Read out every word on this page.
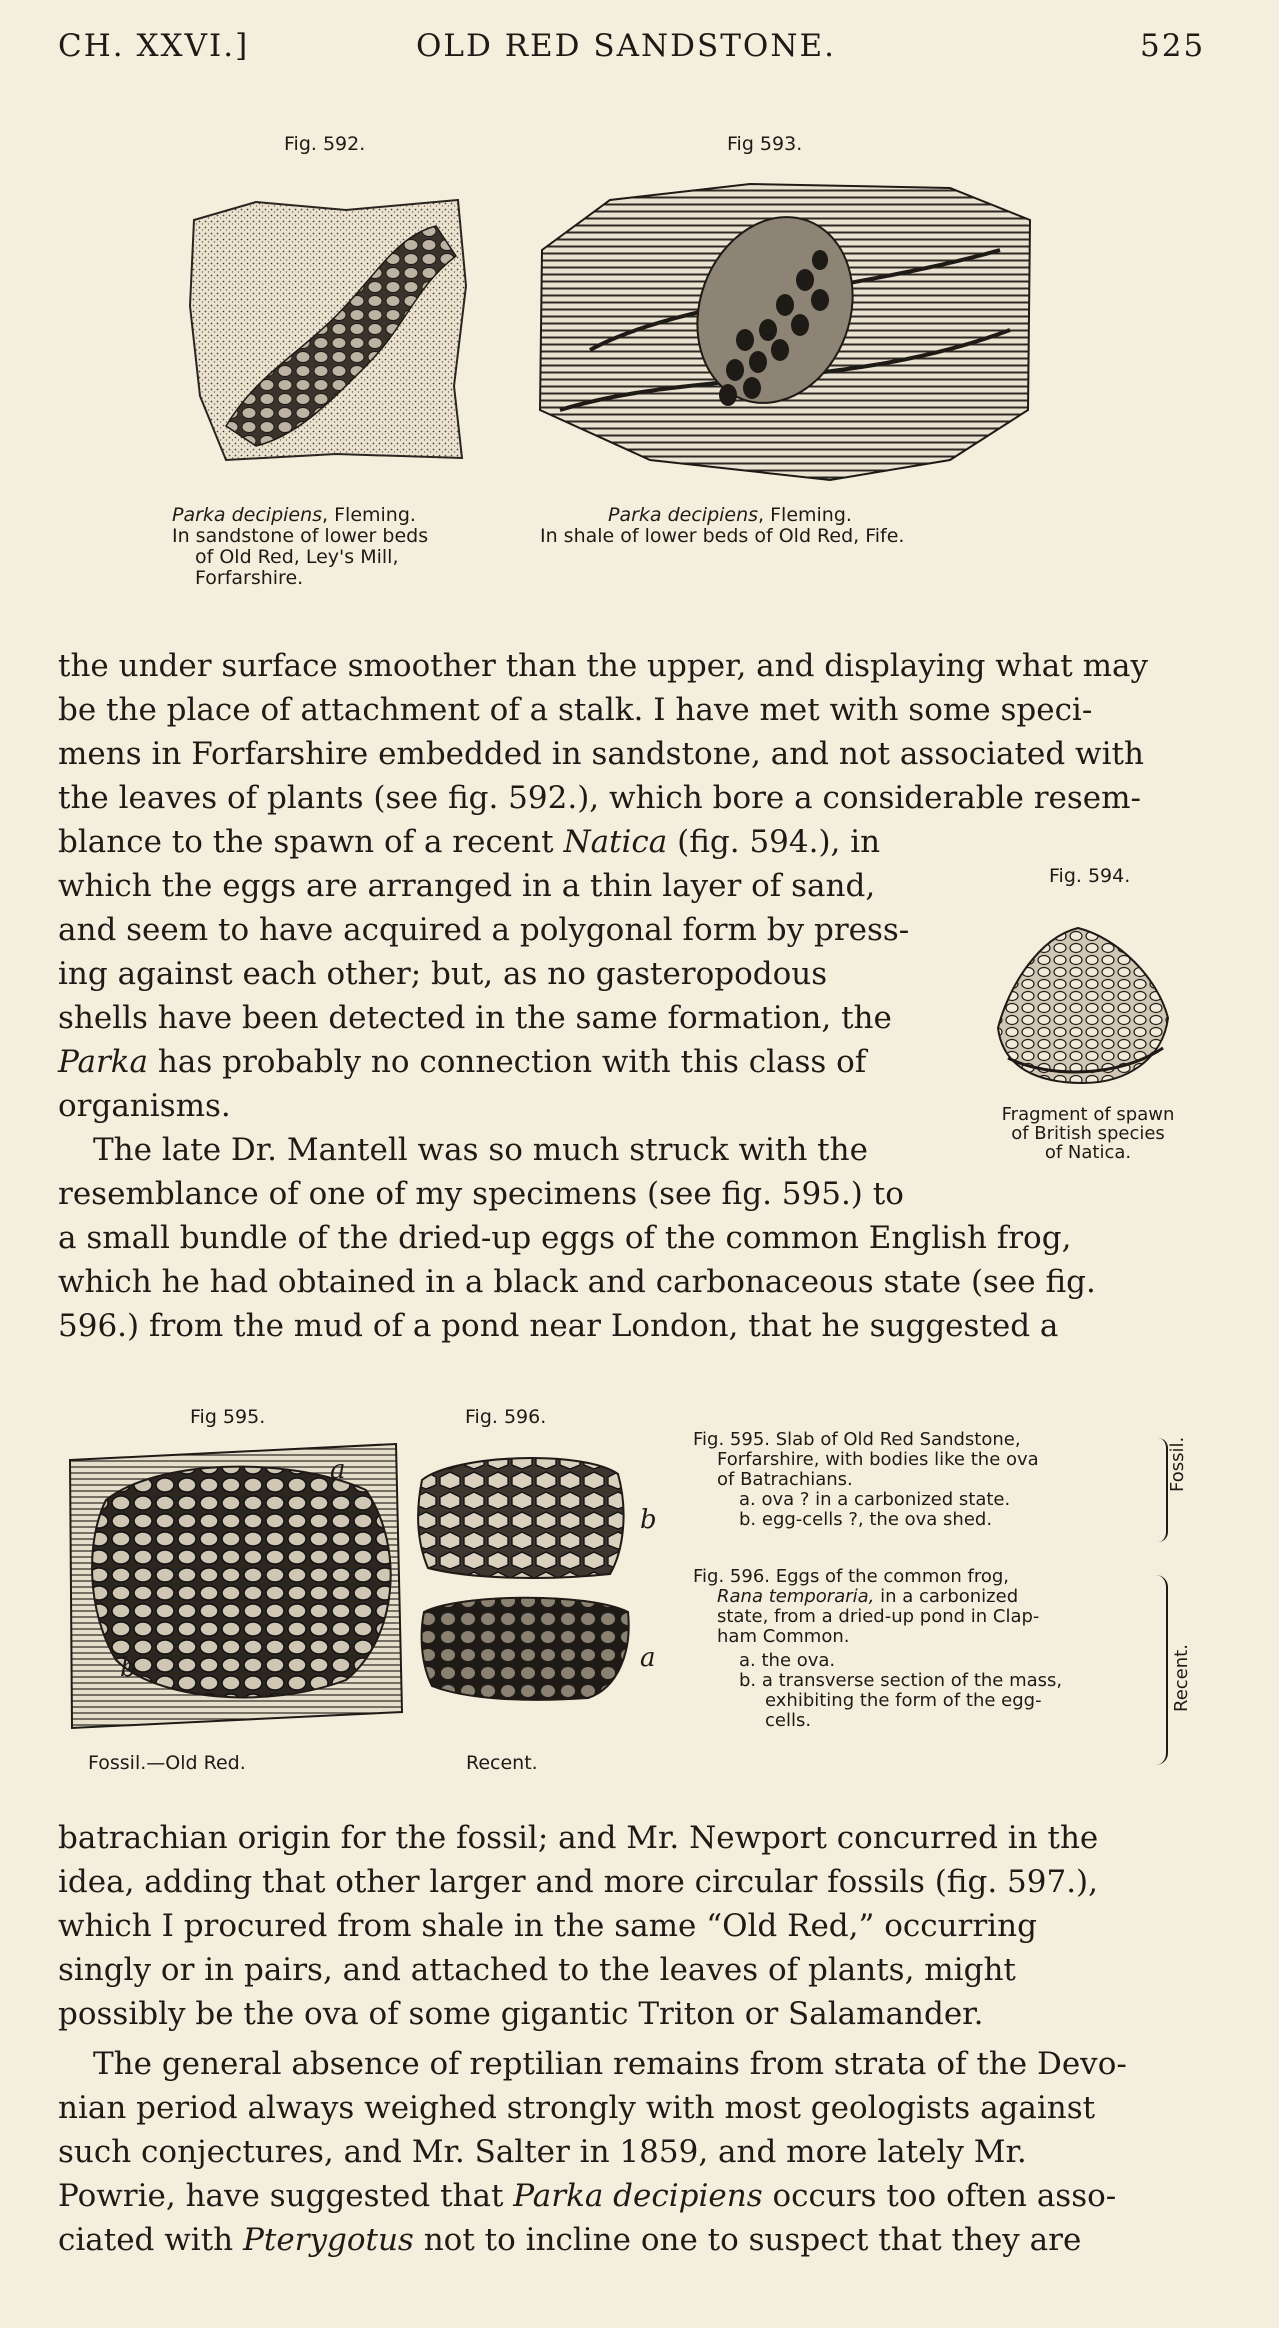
CH. XXVI.]	OLD RED SANDSTONE.	525
Fig. 592.
Parka decipiens, Fleming.
In sandstone of lower beds
of Old Red, Ley's Mill,
Forfarshire.
Fig 593.
Parka decipiens, Fleming.
In shale of lower beds of Old Red, Fife.

the under surface smoother than the upper, and displaying what may

be the place of attachment of a stalk. I have met with some speci-

mens in Forfarshire embedded in sandstone, and not associated with

the leaves of plants (see fig. 592.), which bore a considerable resem-

blance to the spawn of a recent Natica (fig. 594.), in
which the eggs are arranged in a thin layer of sand,
and seem to have acquired a polygonal form by press-
ing against each other; but, as no gasteropodous
shells have been detected in the same formation, the
Parka has probably no connection with this class of
organisms.
The late Dr. Mantell was so much struck with the
resemblance of one of my specimens (see fig. 595.) to
Fig. 594.
Fragment of spawn
of British species
of Natica.

a small bundle of the dried-up eggs of the common English frog,

which he had obtained in a black and carbonaceous state (see fig.

596.) from the mud of a pond near London, that he suggested a

Fig 595.
a
b
Fossil.—Old Red.
Fig. 596.
b
a
Recent.
Fig. 595. Slab of Old Red Sandstone,
Forfarshire, with bodies like the ova
of Batrachians.
a. ova ? in a carbonized state.
b. egg-cells ?, the ova shed.
Fossil.
Fig. 596. Eggs of the common frog,
Rana temporaria, in a carbonized
state, from a dried-up pond in Clap-
ham Common.
a. the ova.
b. a transverse section of the mass,
exhibiting the form of the egg-
cells.
Recent.

batrachian origin for the fossil; and Mr. Newport concurred in the

idea, adding that other larger and more circular fossils (fig. 597.),

which I procured from shale in the same “Old Red,” occurring

singly or in pairs, and attached to the leaves of plants, might

possibly be the ova of some gigantic Triton or Salamander.

The general absence of reptilian remains from strata of the Devo-

nian period always weighed strongly with most geologists against

such conjectures, and Mr. Salter in 1859, and more lately Mr.

Powrie, have suggested that Parka decipiens occurs too often asso-

ciated with Pterygotus not to incline one to suspect that they are
